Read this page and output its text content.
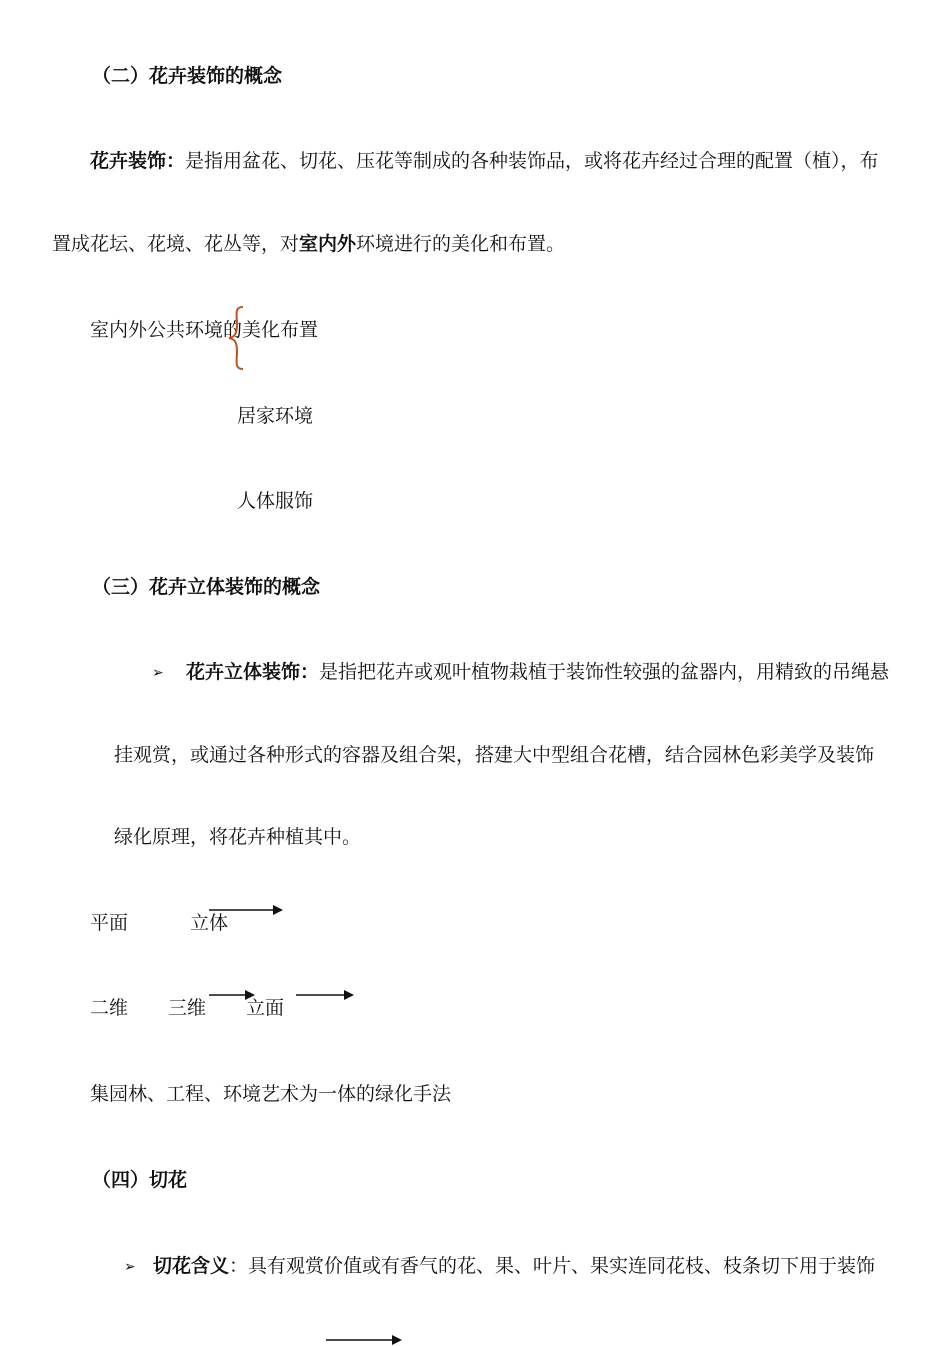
（二）花卉装饰的概念
花卉装饰：是指用盆花、切花、压花等制成的各种装饰品，或将花卉经过合理的配置（植），布
置成花坛、花境、花丛等，对室内外环境进行的美化和布置。
室内外公共环境的美化布置
居家环境
人体服饰
（三）花卉立体装饰的概念
➢ 花卉立体装饰：是指把花卉或观叶植物栽植于装饰性较强的盆器内，用精致的吊绳悬
挂观赏，或通过各种形式的容器及组合架，搭建大中型组合花槽，结合园林色彩美学及装饰
绿化原理，将花卉种植其中。
平面	立体
二维 三维 立面
集园林、工程、环境艺术为一体的绿化手法
（四）切花
➢ 切花含义：具有观赏价值或有香气的花、果、叶片、果实连同花枝、枝条切下用于装饰
